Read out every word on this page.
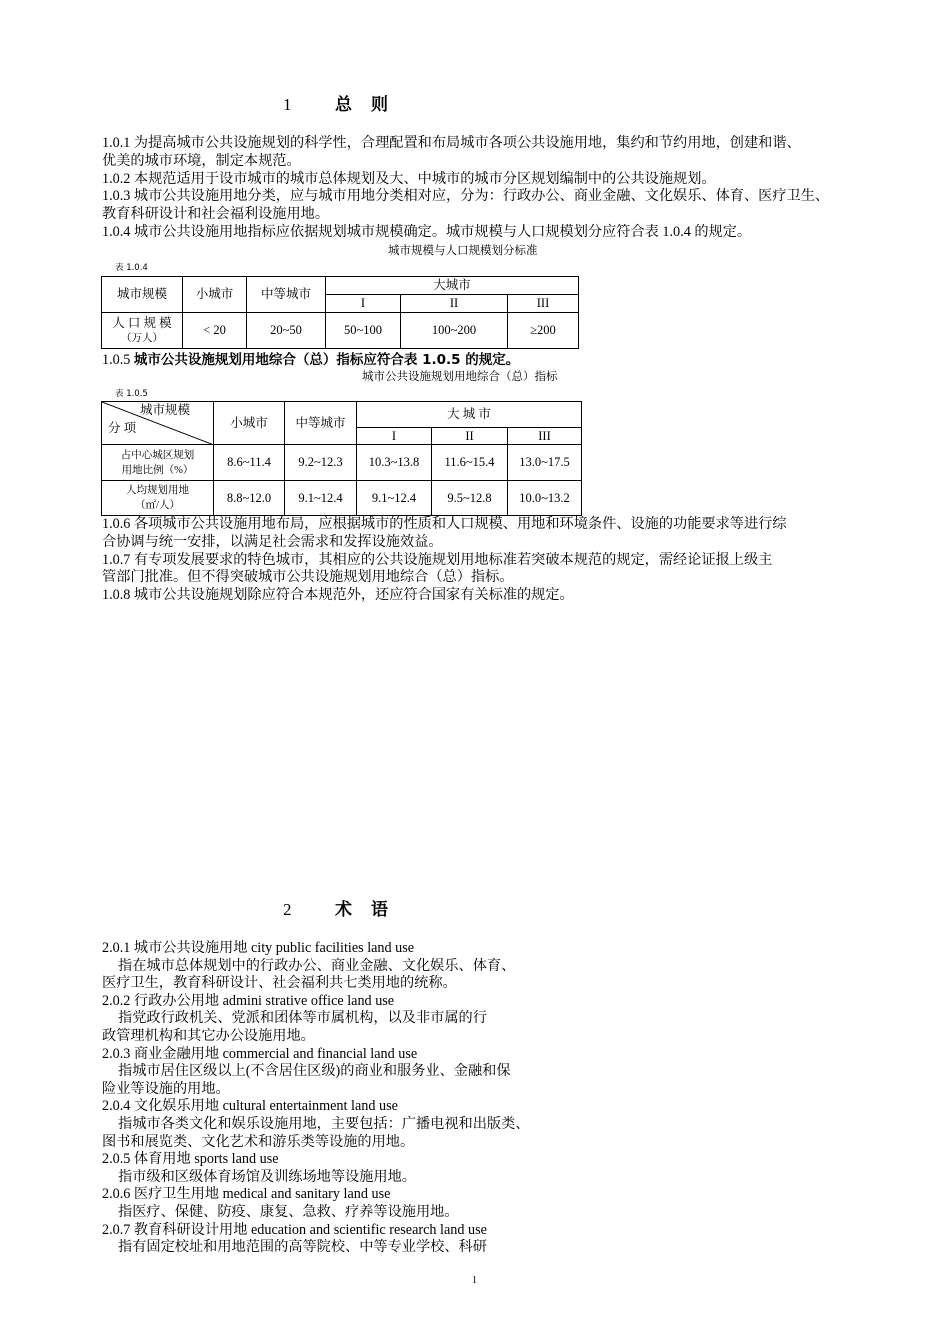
1	总　则
1.0.1 为提高城市公共设施规划的科学性，合理配置和布局城市各项公共设施用地，集约和节约用地，创建和谐、
优美的城市环境，制定本规范。
1.0.2 本规范适用于设市城市的城市总体规划及大、中城市的城市分区规划编制中的公共设施规划。
1.0.3 城市公共设施用地分类，应与城市用地分类相对应，分为：行政办公、商业金融、文化娱乐、体育、医疗卫生、
教育科研设计和社会福利设施用地。
1.0.4 城市公共设施用地指标应依据规划城市规模确定。城市规模与人口规模划分应符合表 1.0.4 的规定。
城市规模与人口规模划分标准
表 1.0.4
城市规模	小城市	中等城市	大城市		
			I	II	III

人 口 规 模
（万人）	< 20	20~50	50~100	100~200	≥200
1.0.5 城市公共设施规划用地综合（总）指标应符合表 1.0.5 的规定。
城市公共设施规划用地综合（总）指标
表 1.0.5
城市规模
分 项	小城市	中等城市	大 城 市		
			I	II	III

占中心城区规划
用地比例（%）	8.6~11.4	9.2~12.3	10.3~13.8	11.6~15.4	13.0~17.5

人均规划用地
（㎡/人）	8.8~12.0	9.1~12.4	9.1~12.4	9.5~12.8	10.0~13.2
1.0.6 各项城市公共设施用地布局，应根据城市的性质和人口规模、用地和环境条件、设施的功能要求等进行综
合协调与统一安排，以满足社会需求和发挥设施效益。
1.0.7 有专项发展要求的特色城市，其相应的公共设施规划用地标准若突破本规范的规定，需经论证报上级主
管部门批准。但不得突破城市公共设施规划用地综合（总）指标。
1.0.8 城市公共设施规划除应符合本规范外，还应符合国家有关标准的规定。
2	术　语
2.0.1 城市公共设施用地 city public facilities land use
指在城市总体规划中的行政办公、商业金融、文化娱乐、体育、
医疗卫生，教育科研设计、社会福利共七类用地的统称。
2.0.2 行政办公用地 admini strative office land use
指党政行政机关、党派和团体等市属机构，以及非市属的行
政管理机构和其它办公设施用地。
2.0.3 商业金融用地 commercial and financial land use
指城市居住区级以上(不含居住区级)的商业和服务业、金融和保
险业等设施的用地。
2.0.4 文化娱乐用地 cultural entertainment land use
指城市各类文化和娱乐设施用地，主要包括：广播电视和出版类、
图书和展览类、文化艺术和游乐类等设施的用地。
2.0.5 体育用地 sports land use
指市级和区级体育场馆及训练场地等设施用地。
2.0.6 医疗卫生用地 medical and sanitary land use
指医疗、保健、防疫、康复、急救、疗养等设施用地。
2.0.7 教育科研设计用地 education and scientific research land use
指有固定校址和用地范围的高等院校、中等专业学校、科研
1
